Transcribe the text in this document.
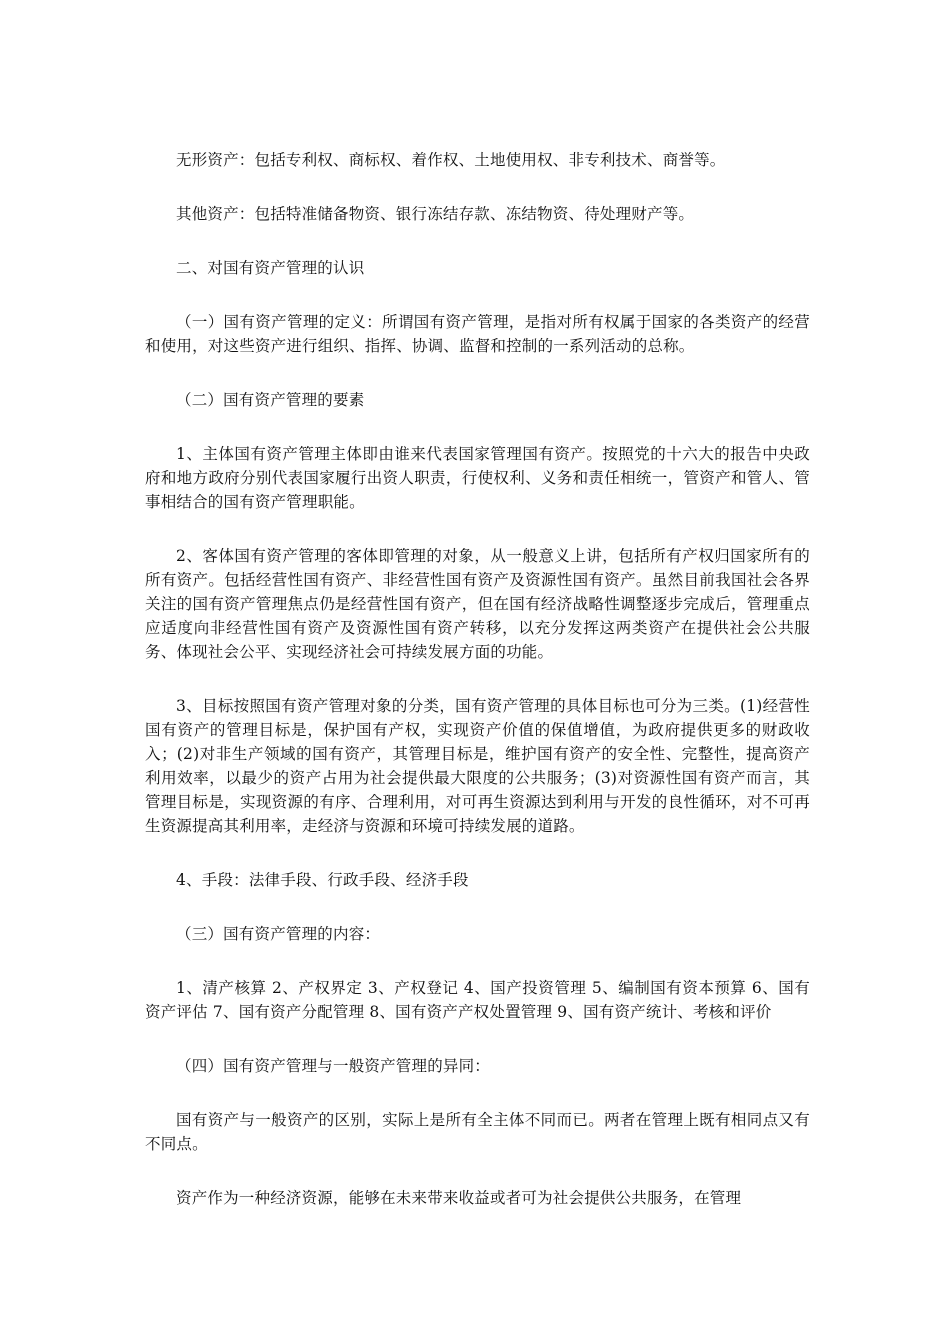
无形资产：包括专利权、商标权、着作权、土地使用权、非专利技术、商誉等。

其他资产：包括特准储备物资、银行冻结存款、冻结物资、待处理财产等。

二、对国有资产管理的认识

（一）国有资产管理的定义：所谓国有资产管理，是指对所有权属于国家的各类资产的经营和使用，对这些资产进行组织、指挥、协调、监督和控制的一系列活动的总称。

（二）国有资产管理的要素

1、主体国有资产管理主体即由谁来代表国家管理国有资产。按照党的十六大的报告中央政府和地方政府分别代表国家履行出资人职责，行使权利、义务和责任相统一，管资产和管人、管事相结合的国有资产管理职能。

2、客体国有资产管理的客体即管理的对象，从一般意义上讲，包括所有产权归国家所有的所有资产。包括经营性国有资产、非经营性国有资产及资源性国有资产。虽然目前我国社会各界关注的国有资产管理焦点仍是经营性国有资产，但在国有经济战略性调整逐步完成后，管理重点应适度向非经营性国有资产及资源性国有资产转移，以充分发挥这两类资产在提供社会公共服务、体现社会公平、实现经济社会可持续发展方面的功能。

3、目标按照国有资产管理对象的分类，国有资产管理的具体目标也可分为三类。(1)经营性国有资产的管理目标是，保护国有产权，实现资产价值的保值增值，为政府提供更多的财政收入；(2)对非生产领域的国有资产，其管理目标是，维护国有资产的安全性、完整性，提高资产利用效率，以最少的资产占用为社会提供最大限度的公共服务；(3)对资源性国有资产而言，其管理目标是，实现资源的有序、合理利用，对可再生资源达到利用与开发的良性循环，对不可再生资源提高其利用率，走经济与资源和环境可持续发展的道路。

4、手段：法律手段、行政手段、经济手段

（三）国有资产管理的内容：

1、清产核算 2、产权界定 3、产权登记 4、国产投资管理 5、编制国有资本预算 6、国有资产评估 7、国有资产分配管理 8、国有资产产权处置管理 9、国有资产统计、考核和评价

（四）国有资产管理与一般资产管理的异同：

国有资产与一般资产的区别，实际上是所有全主体不同而已。两者在管理上既有相同点又有不同点。

资产作为一种经济资源，能够在未来带来收益或者可为社会提供公共服务，在管理
